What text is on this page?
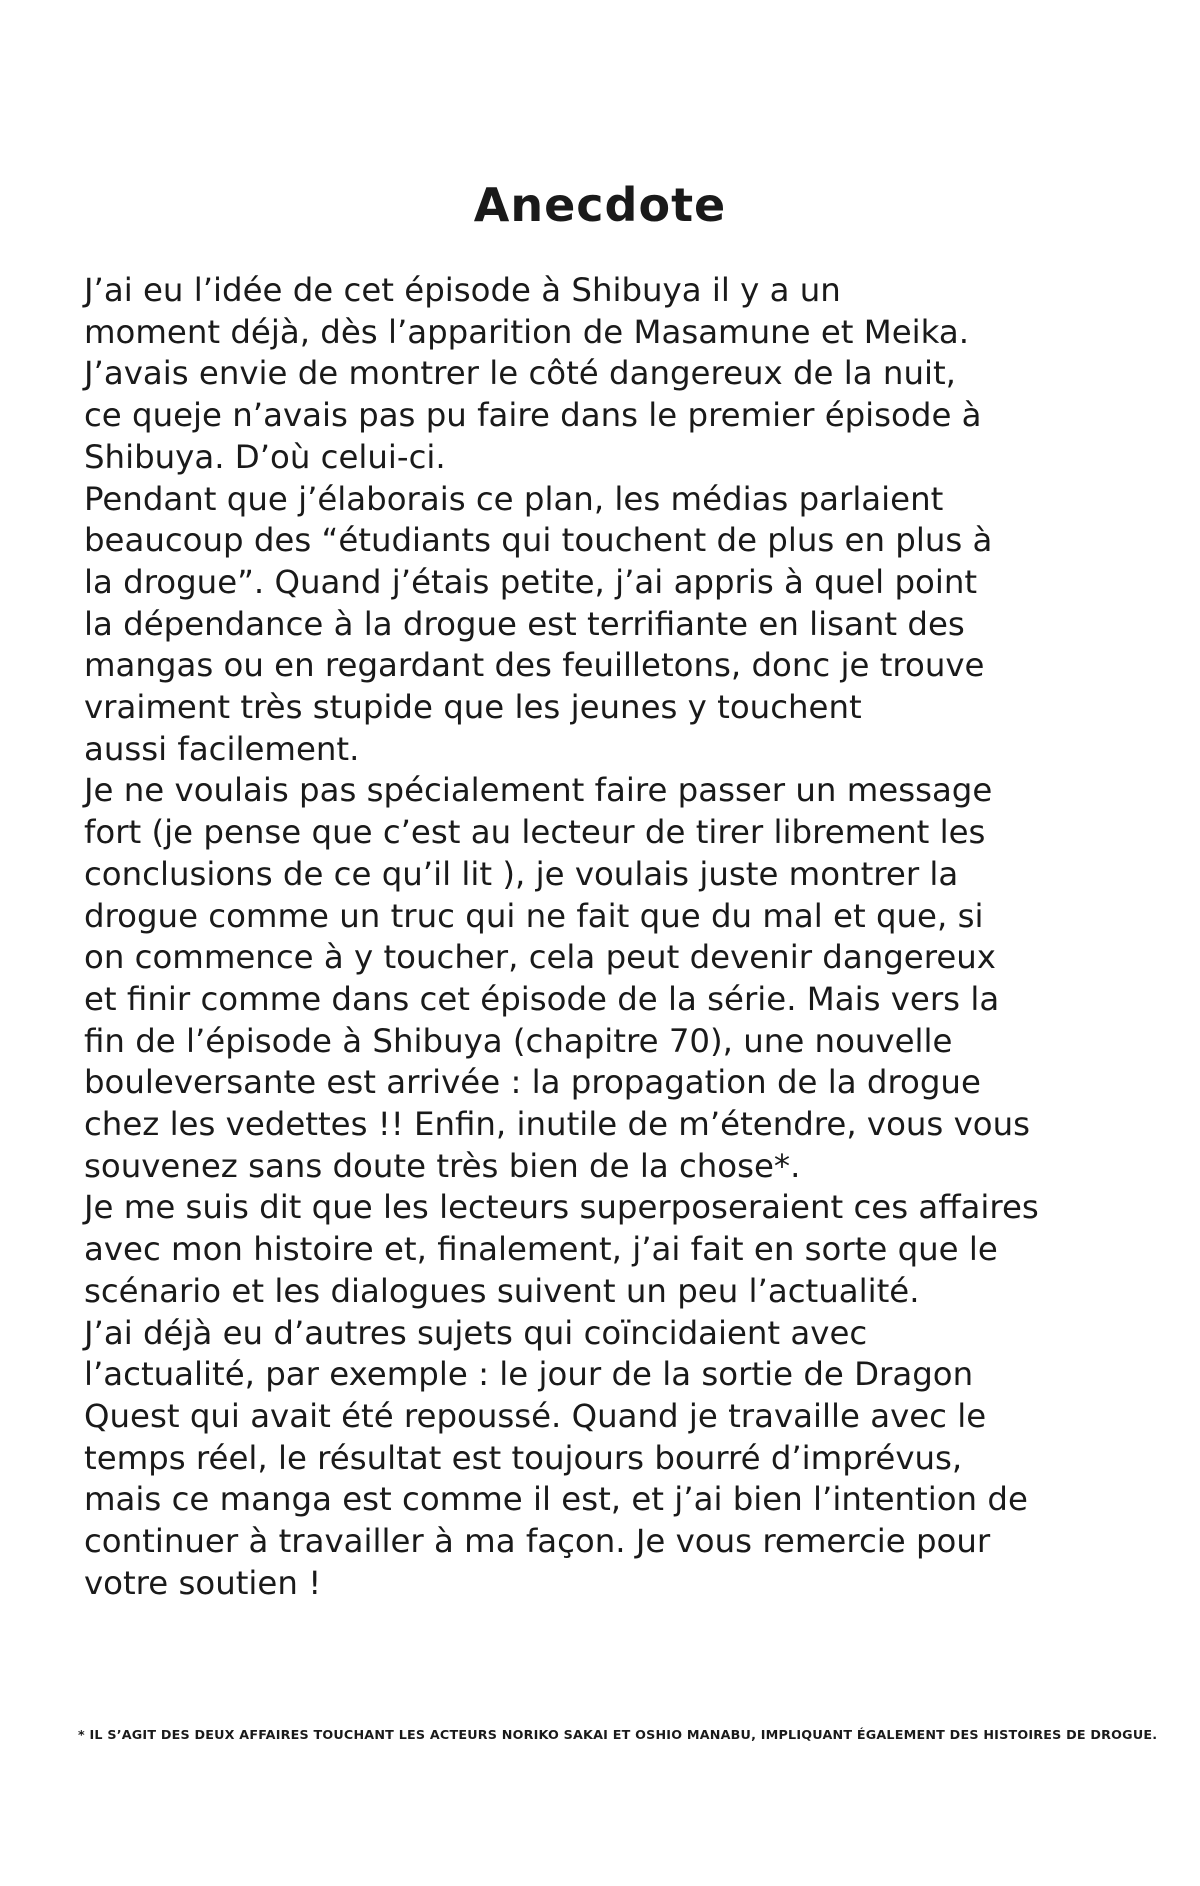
Anecdote
J’ai eu l’idée de cet épisode à Shibuya il y a un
moment déjà, dès l’apparition de Masamune et Meika.
J’avais envie de montrer le côté dangereux de la nuit,
ce queje n’avais pas pu faire dans le premier épisode à
Shibuya. D’où celui-ci.
Pendant que j’élaborais ce plan, les médias parlaient
beaucoup des “étudiants qui touchent de plus en plus à
la drogue”. Quand j’étais petite, j’ai appris à quel point
la dépendance à la drogue est terrifiante en lisant des
mangas ou en regardant des feuilletons, donc je trouve
vraiment très stupide que les jeunes y touchent
aussi facilement.
Je ne voulais pas spécialement faire passer un message
fort (je pense que c’est au lecteur de tirer librement les
conclusions de ce qu’il lit ), je voulais juste montrer la
drogue comme un truc qui ne fait que du mal et que, si
on commence à y toucher, cela peut devenir dangereux
et finir comme dans cet épisode de la série. Mais vers la
fin de l’épisode à Shibuya (chapitre 70), une nouvelle
bouleversante est arrivée : la propagation de la drogue
chez les vedettes !! Enfin, inutile de m’étendre, vous vous
souvenez sans doute très bien de la chose*.
Je me suis dit que les lecteurs superposeraient ces affaires
avec mon histoire et, finalement, j’ai fait en sorte que le
scénario et les dialogues suivent un peu l’actualité.
J’ai déjà eu d’autres sujets qui coïncidaient avec
l’actualité, par exemple : le jour de la sortie de Dragon
Quest qui avait été repoussé. Quand je travaille avec le
temps réel, le résultat est toujours bourré d’imprévus,
mais ce manga est comme il est, et j’ai bien l’intention de
continuer à travailler à ma façon. Je vous remercie pour
votre soutien !

* IL S’AGIT DES DEUX AFFAIRES TOUCHANT LES ACTEURS NORIKO SAKAI ET OSHIO MANABU, IMPLIQUANT ÉGALEMENT DES HISTOIRES DE DROGUE.
